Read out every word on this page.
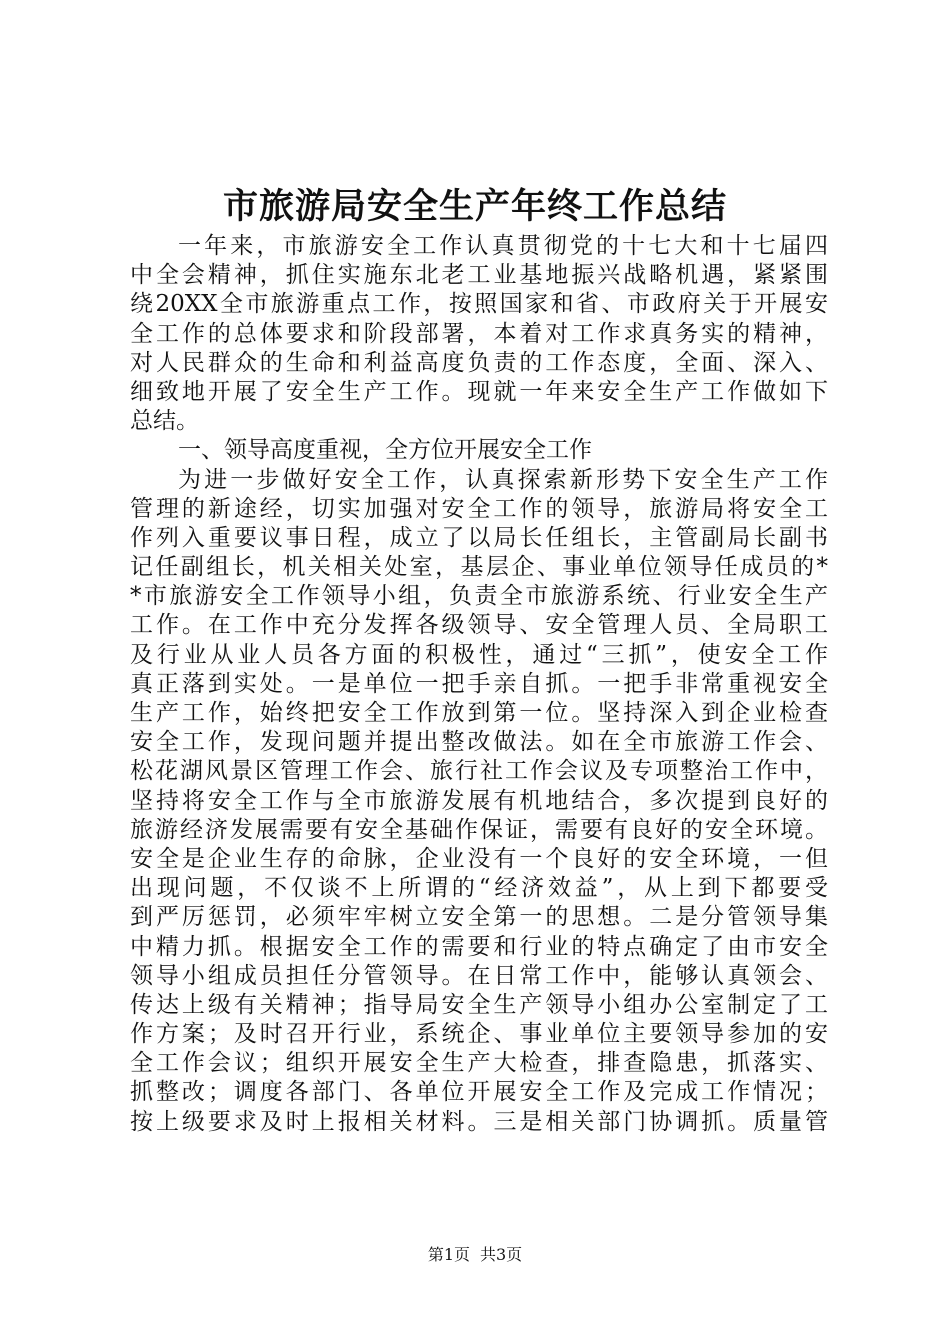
市旅游局安全生产年终工作总结
一年来，市旅游安全工作认真贯彻党的十七大和十七届四
中全会精神，抓住实施东北老工业基地振兴战略机遇，紧紧围
绕20XX全市旅游重点工作，按照国家和省、市政府关于开展安
全工作的总体要求和阶段部署，本着对工作求真务实的精神，
对人民群众的生命和利益高度负责的工作态度，全面、深入、
细致地开展了安全生产工作。现就一年来安全生产工作做如下
总结。
一、领导高度重视，全方位开展安全工作
为进一步做好安全工作，认真探索新形势下安全生产工作
管理的新途经，切实加强对安全工作的领导，旅游局将安全工
作列入重要议事日程，成立了以局长任组长，主管副局长副书
记任副组长，机关相关处室，基层企、事业单位领导任成员的*
*市旅游安全工作领导小组，负责全市旅游系统、行业安全生产
工作。在工作中充分发挥各级领导、安全管理人员、全局职工
及行业从业人员各方面的积极性，通过“三抓”，使安全工作
真正落到实处。一是单位一把手亲自抓。一把手非常重视安全
生产工作，始终把安全工作放到第一位。坚持深入到企业检查
安全工作，发现问题并提出整改做法。如在全市旅游工作会、
松花湖风景区管理工作会、旅行社工作会议及专项整治工作中，
坚持将安全工作与全市旅游发展有机地结合，多次提到良好的
旅游经济发展需要有安全基础作保证，需要有良好的安全环境。
安全是企业生存的命脉，企业没有一个良好的安全环境，一但
出现问题，不仅谈不上所谓的“经济效益”，从上到下都要受
到严厉惩罚，必须牢牢树立安全第一的思想。二是分管领导集
中精力抓。根据安全工作的需要和行业的特点确定了由市安全
领导小组成员担任分管领导。在日常工作中，能够认真领会、
传达上级有关精神；指导局安全生产领导小组办公室制定了工
作方案；及时召开行业，系统企、事业单位主要领导参加的安
全工作会议；组织开展安全生产大检查，排查隐患，抓落实、
抓整改；调度各部门、各单位开展安全工作及完成工作情况；
按上级要求及时上报相关材料。三是相关部门协调抓。质量管
第1页 共3页
